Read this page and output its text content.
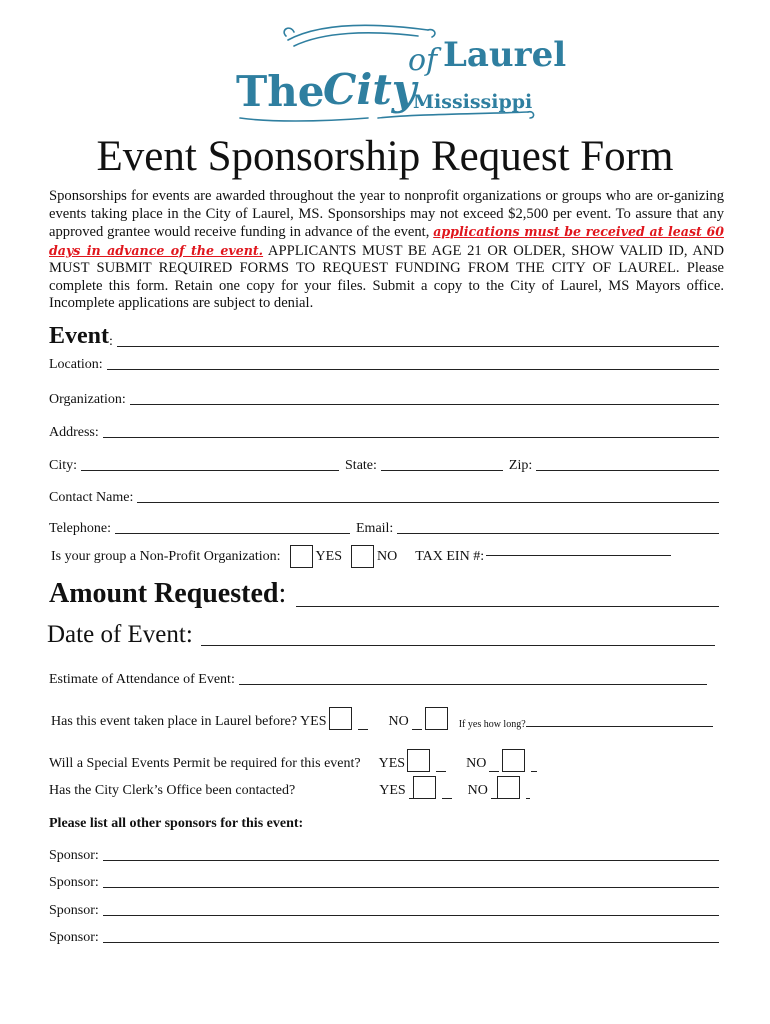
The
City
of Laurel
Mississippi
Event Sponsorship Request Form
Sponsorships for events are awarded throughout the year to nonprofit organizations or groups who are or-ganizing events taking place in the City of Laurel, MS. Sponsorships may not exceed $2,500 per event. To assure that any approved grantee would receive funding in advance of the event, applications must be received at least 60 days in advance of the event. APPLICANTS MUST BE AGE 21 OR OLDER, SHOW VALID ID, AND MUST SUBMIT REQUIRED FORMS TO REQUEST FUNDING FROM THE CITY OF LAUREL. Please complete this form. Retain one copy for your files. Submit a copy to the City of Laurel, MS Mayors office. Incomplete applications are subject to denial.
Event :
Location:
Organization:
Address:
City:	State:	Zip:
Contact Name:
Telephone:	Email:
Is your group a Non-Profit Organization:	YES	NO TAX EIN #:
Amount Requested :
Date of Event:
Estimate of Attendance of Event:
Has this event taken place in Laurel before? YES	NO	If yes how long?
Will a Special Events Permit be required for this event? YES	NO
Has the City Clerk’s Office been contacted?	YES	NO
Please list all other sponsors for this event:
Sponsor:
Sponsor:
Sponsor:
Sponsor:
